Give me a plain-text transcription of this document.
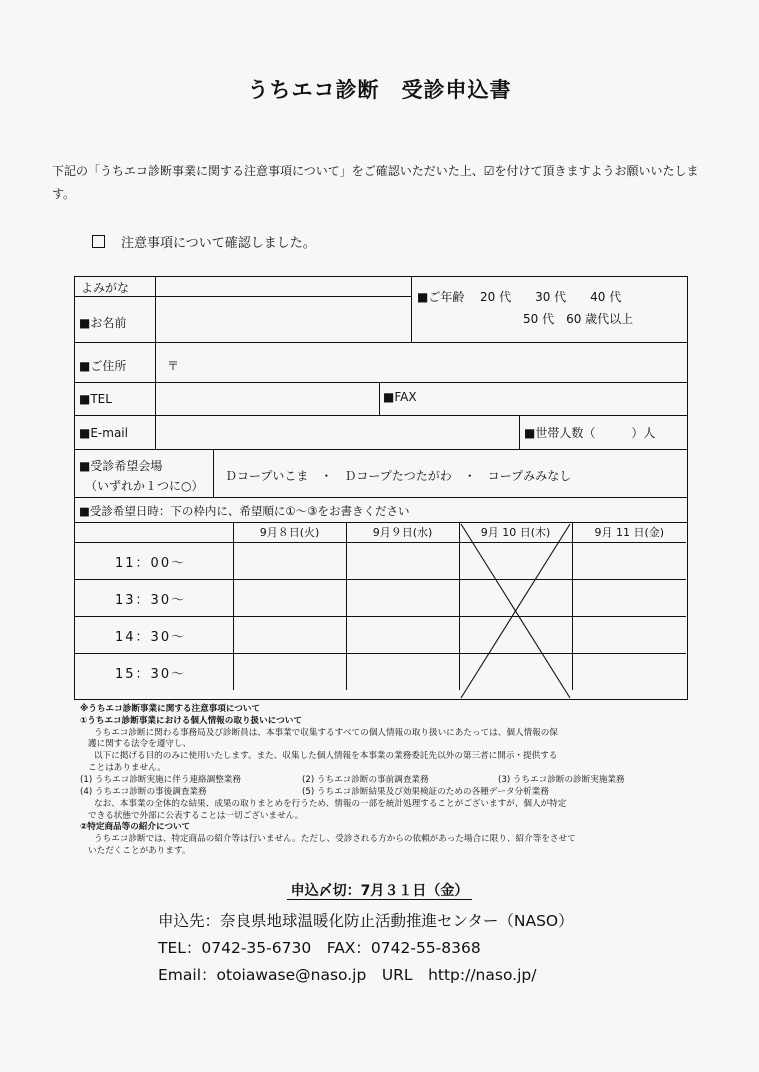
うちエコ診断　受診申込書
下記の「うちエコ診断事業に関する注意事項について」をご確認いただいた上、☑を付けて頂きますようお願いいたします。
注意事項について確認しました。
よみがな
■お名前
■ご年齢 20 代　　30 代　　40 代
50 代　60 歳代以上
■ご住所	〒
■TEL	■FAX
■E-mail	■世帯人数（　　　）人
■受診希望会場
（いずれか１つに○）
Ｄコープいこま　・　Ｄコープたつたがわ　・　コープみみなし
■受診希望日時：下の枠内に、希望順に①～③をお書きください
	9月８日(火)	9月９日(水)	9月 10 日(木)	9月 11 日(金)
11：00～				
13：30～				
14：30～				
15：30～				

※うちエコ診断事業に関する注意事項について

①うちエコ診断事業における個人情報の取り扱いについて

うちエコ診断に関わる事務局及び診断員は、本事業で収集するすべての個人情報の取り扱いにあたっては、個人情報の保

護に関する法令を遵守し、

以下に掲げる目的のみに使用いたします。また、収集した個人情報を本事業の業務委託先以外の第三者に開示・提供する

ことはありません。

(1) うちエコ診断実施に伴う連絡調整業務	(2) うちエコ診断の事前調査業務	(3) うちエコ診断の診断実施業務

(4) うちエコ診断の事後調査業務	(5) うちエコ診断結果及び効果検証のための各種データ分析業務

なお、本事業の全体的な結果、成果の取りまとめを行うため、情報の一部を統計処理することがございますが、個人が特定

できる状態で外部に公表することは一切ございません。

②特定商品等の紹介について

うちエコ診断では、特定商品の紹介等は行いません。ただし、受診される方からの依頼があった場合に限り、紹介等をさせて

いただくことがあります。

申込〆切：7月３１日（金）

申込先：奈良県地球温暖化防止活動推進センター（NASO）

TEL：0742-35-6730　FAX：0742-55-8368

Email：otoiawase@naso.jp　URL　http://naso.jp/
